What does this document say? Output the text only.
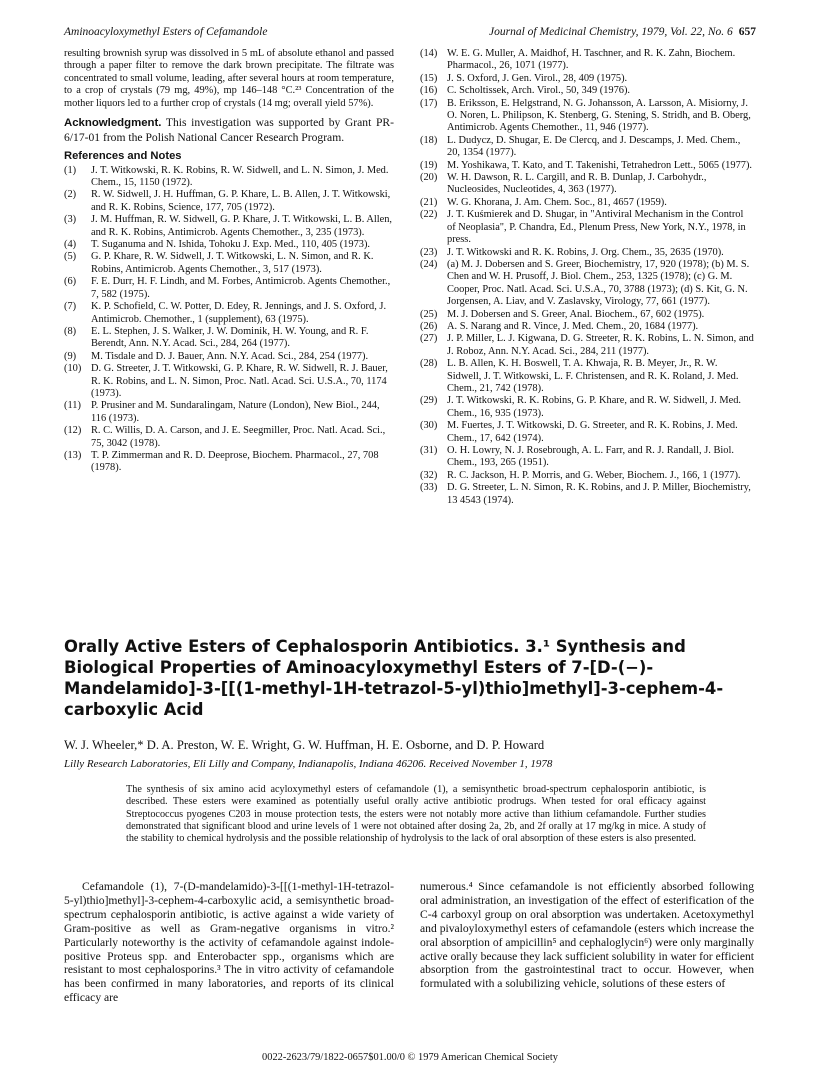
Aminoacyloxymethyl Esters of Cefamandole	Journal of Medicinal Chemistry, 1979, Vol. 22, No. 6 657

resulting brownish syrup was dissolved in 5 mL of absolute ethanol and passed through a paper filter to remove the dark brown precipitate. The filtrate was concentrated to small volume, leading, after several hours at room temperature, to a crop of crystals (79 mg, 49%), mp 146–148 °C.²³ Concentration of the mother liquors led to a further crop of crystals (14 mg; overall yield 57%).

Acknowledgment. This investigation was supported by Grant PR-6/17-01 from the Polish National Cancer Research Program.

References and Notes
(1)	J. T. Witkowski, R. K. Robins, R. W. Sidwell, and L. N. Simon, J. Med. Chem., 15, 1150 (1972).
(2)	R. W. Sidwell, J. H. Huffman, G. P. Khare, L. B. Allen, J. T. Witkowski, and R. K. Robins, Science, 177, 705 (1972).
(3)	J. M. Huffman, R. W. Sidwell, G. P. Khare, J. T. Witkowski, L. B. Allen, and R. K. Robins, Antimicrob. Agents Chemother., 3, 235 (1973).
(4)	T. Suganuma and N. Ishida, Tohoku J. Exp. Med., 110, 405 (1973).
(5)	G. P. Khare, R. W. Sidwell, J. T. Witkowski, L. N. Simon, and R. K. Robins, Antimicrob. Agents Chemother., 3, 517 (1973).
(6)	F. E. Durr, H. F. Lindh, and M. Forbes, Antimicrob. Agents Chemother., 7, 582 (1975).
(7)	K. P. Schofield, C. W. Potter, D. Edey, R. Jennings, and J. S. Oxford, J. Antimicrob. Chemother., 1 (supplement), 63 (1975).
(8)	E. L. Stephen, J. S. Walker, J. W. Dominik, H. W. Young, and R. F. Berendt, Ann. N.Y. Acad. Sci., 284, 264 (1977).
(9)	M. Tisdale and D. J. Bauer, Ann. N.Y. Acad. Sci., 284, 254 (1977).
(10) D. G. Streeter, J. T. Witkowski, G. P. Khare, R. W. Sidwell, R. J. Bauer, R. K. Robins, and L. N. Simon, Proc. Natl. Acad. Sci. U.S.A., 70, 1174 (1973).
(11) P. Prusiner and M. Sundaralingam, Nature (London), New Biol., 244, 116 (1973).
(12) R. C. Willis, D. A. Carson, and J. E. Seegmiller, Proc. Natl. Acad. Sci., 75, 3042 (1978).
(13) T. P. Zimmerman and R. D. Deeprose, Biochem. Pharmacol., 27, 708 (1978).
(14) W. E. G. Muller, A. Maidhof, H. Taschner, and R. K. Zahn, Biochem. Pharmacol., 26, 1071 (1977).
(15) J. S. Oxford, J. Gen. Virol., 28, 409 (1975).
(16) C. Scholtissek, Arch. Virol., 50, 349 (1976).
(17) B. Eriksson, E. Helgstrand, N. G. Johansson, A. Larsson, A. Misiorny, J. O. Noren, L. Philipson, K. Stenberg, G. Stening, S. Stridh, and B. Oberg, Antimicrob. Agents Chemother., 11, 946 (1977).
(18) L. Dudycz, D. Shugar, E. De Clercq, and J. Descamps, J. Med. Chem., 20, 1354 (1977).
(19) M. Yoshikawa, T. Kato, and T. Takenishi, Tetrahedron Lett., 5065 (1977).
(20) W. H. Dawson, R. L. Cargill, and R. B. Dunlap, J. Carbohydr., Nucleosides, Nucleotides, 4, 363 (1977).
(21) W. G. Khorana, J. Am. Chem. Soc., 81, 4657 (1959).
(22) J. T. Kuśmierek and D. Shugar, in "Antiviral Mechanism in the Control of Neoplasia", P. Chandra, Ed., Plenum Press, New York, N.Y., 1978, in press.
(23) J. T. Witkowski and R. K. Robins, J. Org. Chem., 35, 2635 (1970).
(24) (a) M. J. Dobersen and S. Greer, Biochemistry, 17, 920 (1978); (b) M. S. Chen and W. H. Prusoff, J. Biol. Chem., 253, 1325 (1978); (c) G. M. Cooper, Proc. Natl. Acad. Sci. U.S.A., 70, 3788 (1973); (d) S. Kit, G. N. Jorgensen, A. Liav, and V. Zaslavsky, Virology, 77, 661 (1977).
(25) M. J. Dobersen and S. Greer, Anal. Biochem., 67, 602 (1975).
(26) A. S. Narang and R. Vince, J. Med. Chem., 20, 1684 (1977).
(27) J. P. Miller, L. J. Kigwana, D. G. Streeter, R. K. Robins, L. N. Simon, and J. Roboz, Ann. N.Y. Acad. Sci., 284, 211 (1977).
(28) L. B. Allen, K. H. Boswell, T. A. Khwaja, R. B. Meyer, Jr., R. W. Sidwell, J. T. Witkowski, L. F. Christensen, and R. K. Roland, J. Med. Chem., 21, 742 (1978).
(29) J. T. Witkowski, R. K. Robins, G. P. Khare, and R. W. Sidwell, J. Med. Chem., 16, 935 (1973).
(30) M. Fuertes, J. T. Witkowski, D. G. Streeter, and R. K. Robins, J. Med. Chem., 17, 642 (1974).
(31) O. H. Lowry, N. J. Rosebrough, A. L. Farr, and R. J. Randall, J. Biol. Chem., 193, 265 (1951).
(32) R. C. Jackson, H. P. Morris, and G. Weber, Biochem. J., 166, 1 (1977).
(33) D. G. Streeter, L. N. Simon, R. K. Robins, and J. P. Miller, Biochemistry, 13 4543 (1974).
Orally Active Esters of Cephalosporin Antibiotics. 3.¹ Synthesis and Biological Properties of Aminoacyloxymethyl Esters of 7-[D-(−)-Mandelamido]-3-[[(1-methyl-1H-tetrazol-5-yl)thio]methyl]-3-cephem-4-carboxylic Acid
W. J. Wheeler,* D. A. Preston, W. E. Wright, G. W. Huffman, H. E. Osborne, and D. P. Howard
Lilly Research Laboratories, Eli Lilly and Company, Indianapolis, Indiana 46206. Received November 1, 1978

The synthesis of six amino acid acyloxymethyl esters of cefamandole (1), a semisynthetic broad-spectrum cephalosporin antibiotic, is described. These esters were examined as potentially useful orally active antibiotic prodrugs. When tested for oral efficacy against Streptococcus pyogenes C203 in mouse protection tests, the esters were not notably more active than lithium cefamandole. Further studies demonstrated that significant blood and urine levels of 1 were not obtained after dosing 2a, 2b, and 2f orally at 17 mg/kg in mice. A study of the stability to chemical hydrolysis and the possible relationship of hydrolysis to the lack of oral absorption of these esters is also presented.

Cefamandole (1), 7-(D-mandelamido)-3-[[(1-methyl-1H-tetrazol-5-yl)thio]methyl]-3-cephem-4-carboxylic acid, a semisynthetic broad-spectrum cephalosporin antibiotic, is active against a wide variety of Gram-positive as well as Gram-negative organisms in vitro.² Particularly noteworthy is the activity of cefamandole against indole-positive Proteus spp. and Enterobacter spp., organisms which are resistant to most cephalosporins.³ The in vitro activity of cefamandole has been confirmed in many laboratories, and reports of its clinical efficacy are
numerous.⁴ Since cefamandole is not efficiently absorbed following oral administration, an investigation of the effect of esterification of the C-4 carboxyl group on oral absorption was undertaken. Acetoxymethyl and pivaloyloxymethyl esters of cefamandole (esters which increase the oral absorption of ampicillin⁵ and cephaloglycin⁶) were only marginally active orally because they lack sufficient solubility in water for efficient absorption from the gastrointestinal tract to occur. However, when formulated with a solubilizing vehicle, solutions of these esters of
0022-2623/79/1822-0657$01.00/0 © 1979 American Chemical Society
